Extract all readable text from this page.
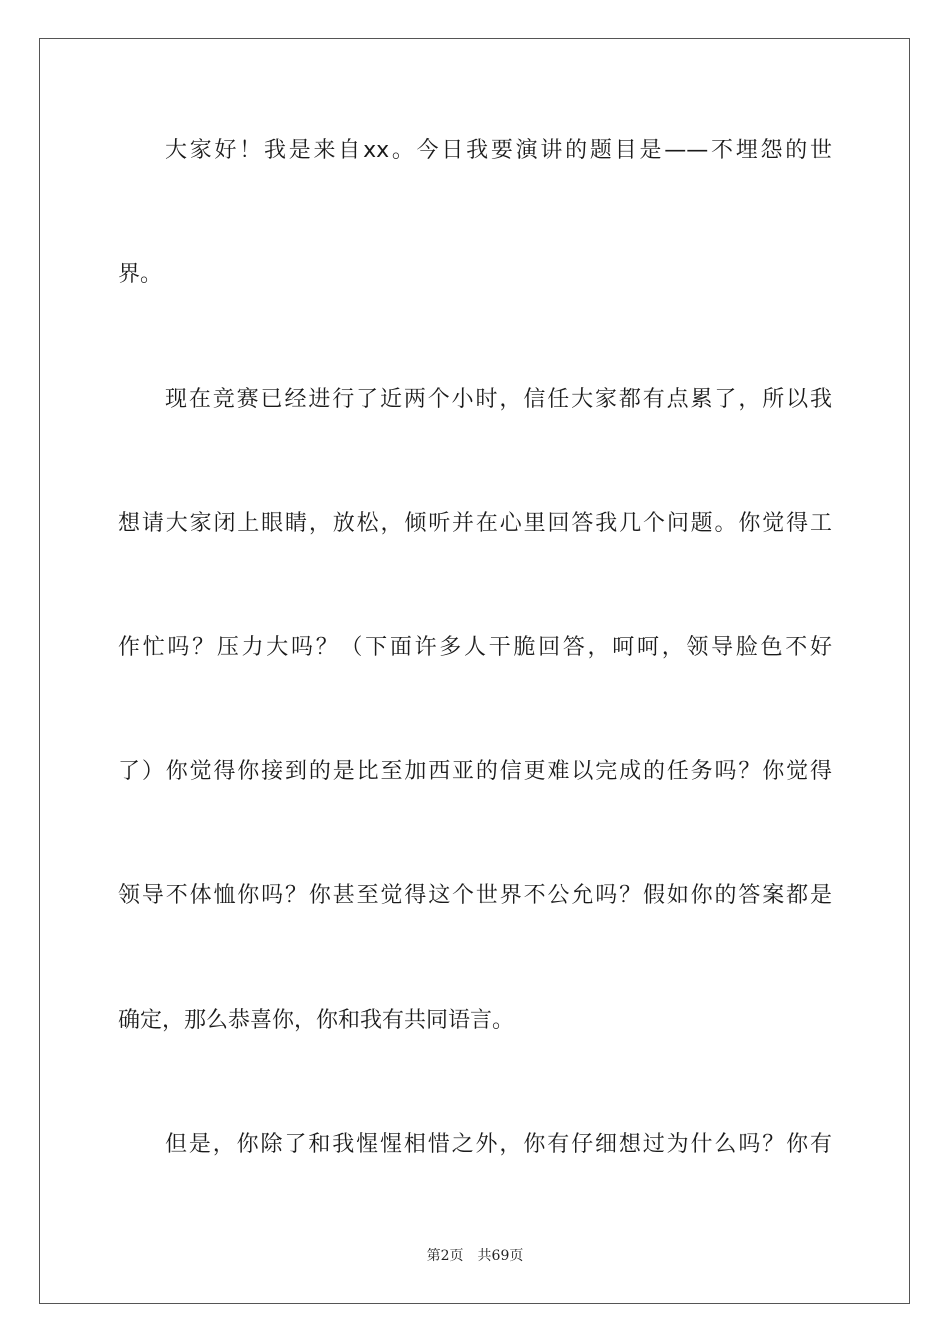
大家好！我是来自xx。今日我要演讲的题目是——不埋怨的世
界。
现在竞赛已经进行了近两个小时，信任大家都有点累了，所以我
想请大家闭上眼睛，放松，倾听并在心里回答我几个问题。你觉得工
作忙吗？压力大吗？（下面许多人干脆回答，呵呵，领导脸色不好
了）你觉得你接到的是比至加西亚的信更难以完成的任务吗？你觉得
领导不体恤你吗？你甚至觉得这个世界不公允吗？假如你的答案都是
确定，那么恭喜你，你和我有共同语言。
但是，你除了和我惺惺相惜之外，你有仔细想过为什么吗？你有
第2页 共69页
